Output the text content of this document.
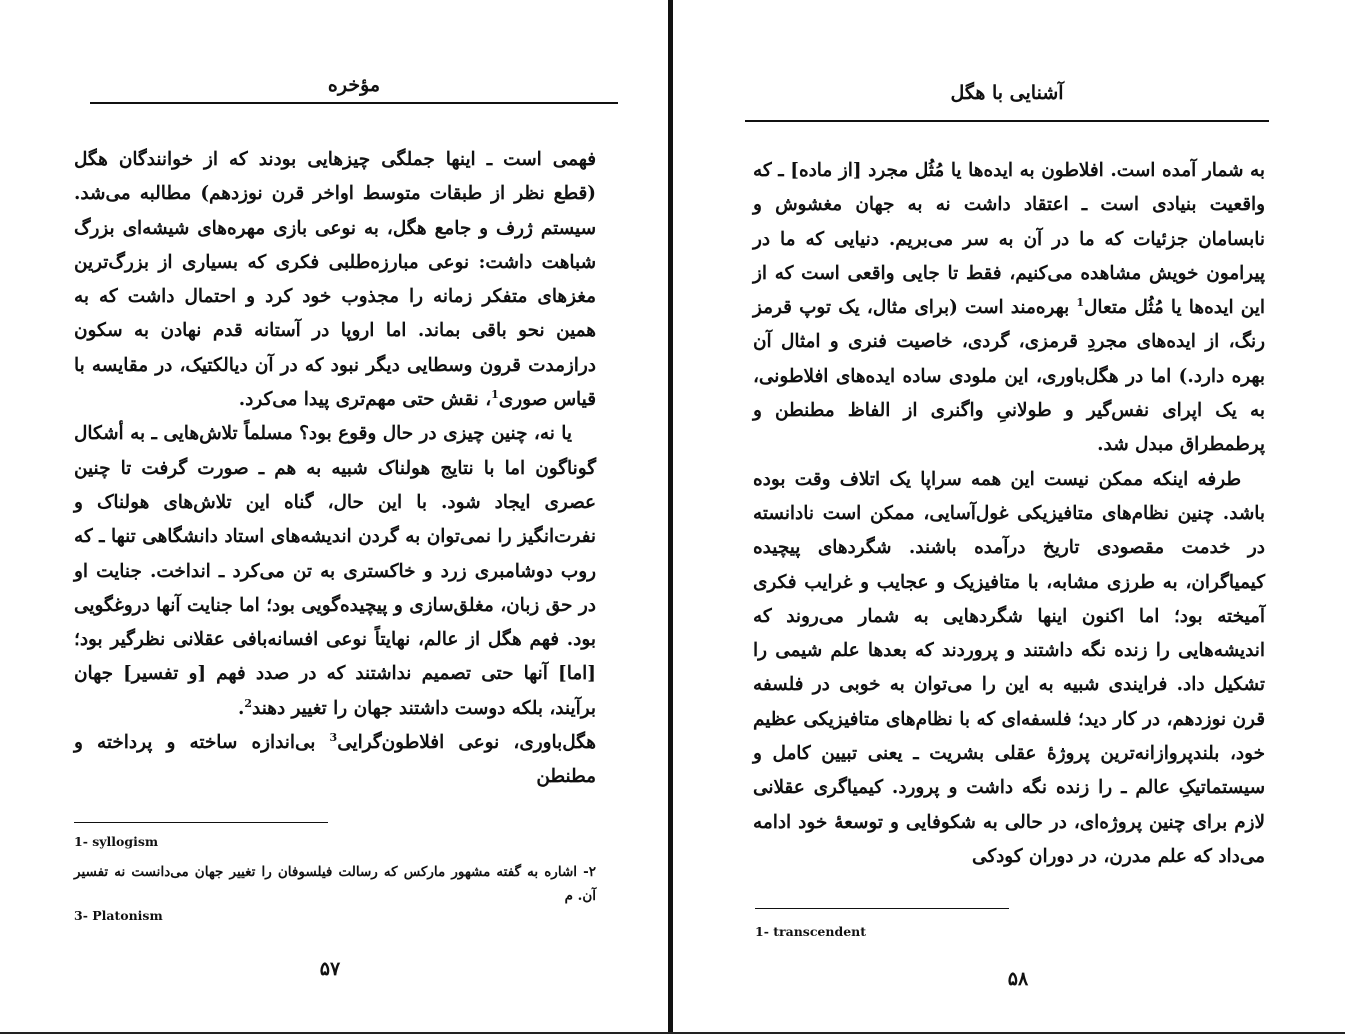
مؤخره

فهمی است ـ اینها جملگی چیزهایی بودند که از خوانندگان هگل (قطع نظر از طبقات متوسط اواخر قرن نوزدهم) مطالبه می‌شد. سیستم ژرف و جامع هگل، به نوعی بازی مهره‌های شیشه‌ای بزرگ شباهت داشت: نوعی مبارزه‌طلبی فکری که بسیاری از بزرگ‌ترین مغزهای متفکر زمانه را مجذوب خود کرد و احتمال داشت که به همین نحو باقی بماند. اما اروپا در آستانه قدم نهادن به سکون درازمدت قرون وسطایی دیگر نبود که در آن دیالکتیک، در مقایسه با قیاس صوری$^1$، نقش حتی مهم‌تری پیدا می‌کرد.

یا نه، چنین چیزی در حال وقوع بود؟ مسلماً تلاش‌هایی ـ به أشکال گوناگون اما با نتایج هولناک شبیه به هم ـ صورت گرفت تا چنین عصری ایجاد شود. با این حال، گناه این تلاش‌های هولناک و نفرت‌انگیز را نمی‌توان به گردن اندیشه‌های استاد دانشگاهی تنها ـ که روب دوشامبری زرد و خاکستری به تن می‌کرد ـ انداخت. جنایت او در حق زبان، مغلق‌سازی و پیچیده‌گویی بود؛ اما جنایت آنها دروغگویی بود. فهم هگل از عالم، نهایتاً نوعی افسانه‌بافی عقلانی نظرگیر بود؛ [اما] آنها حتی تصمیم نداشتند که در صدد فهم [و تفسیر] جهان برآیند، بلکه دوست داشتند جهان را تغییر دهند$^2$.

هگل‌باوری، نوعی افلاطون‌گرایی$^3$ بی‌اندازه ساخته و پرداخته و مطنطن

1- syllogism
۲- اشاره به گفته مشهور مارکس که رسالت فیلسوفان را تغییر جهان می‌دانست نه تفسیر آن. م
3- Platonism
۵۷
آشنایی با هگل

به شمار آمده است. افلاطون به ایده‌ها یا مُثُل مجرد [از ماده] ـ که واقعیت بنیادی است ـ اعتقاد داشت نه به جهان مغشوش و نابسامان جزئیات که ما در آن به سر می‌بریم. دنیایی که ما در پیرامون خویش مشاهده می‌کنیم، فقط تا جایی واقعی است که از این ایده‌ها یا مُثُل متعال$^1$ بهره‌مند است (برای مثال، یک توپ قرمز رنگ، از ایده‌های مجردِ قرمزی، گردی، خاصیت فنری و امثال آن بهره دارد.) اما در هگل‌باوری، این ملودی ساده ایده‌های افلاطونی، به یک اپرای نفس‌گیر و طولانیِ واگنری از الفاظ مطنطن و پرطمطراق مبدل شد.

طرفه اینکه ممکن نیست این همه سراپا یک اتلاف وقت بوده باشد. چنین نظام‌های متافیزیکی غول‌آسایی، ممکن است نادانسته در خدمت مقصودی تاریخ درآمده باشند. شگردهای پیچیده کیمیاگران، به طرزی مشابه، با متافیزیک و عجایب و غرایب فکری آمیخته بود؛ اما اکنون اینها شگردهایی به شمار می‌روند که اندیشه‌هایی را زنده نگه داشتند و پروردند که بعدها علم شیمی را تشکیل داد. فرایندی شبیه به این را می‌توان به خوبی در فلسفه قرن نوزدهم، در کار دید؛ فلسفه‌ای که با نظام‌های متافیزیکی عظیم خود، بلندپروازانه‌ترین پروژهٔ عقلی بشریت ـ یعنی تبیین کامل و سیستماتیکِ عالم ـ را زنده نگه داشت و پرورد. کیمیاگری عقلانی لازم برای چنین پروژه‌ای، در حالی به شکوفایی و توسعهٔ خود ادامه می‌داد که علم مدرن، در دوران کودکی

1- transcendent
۵۸
